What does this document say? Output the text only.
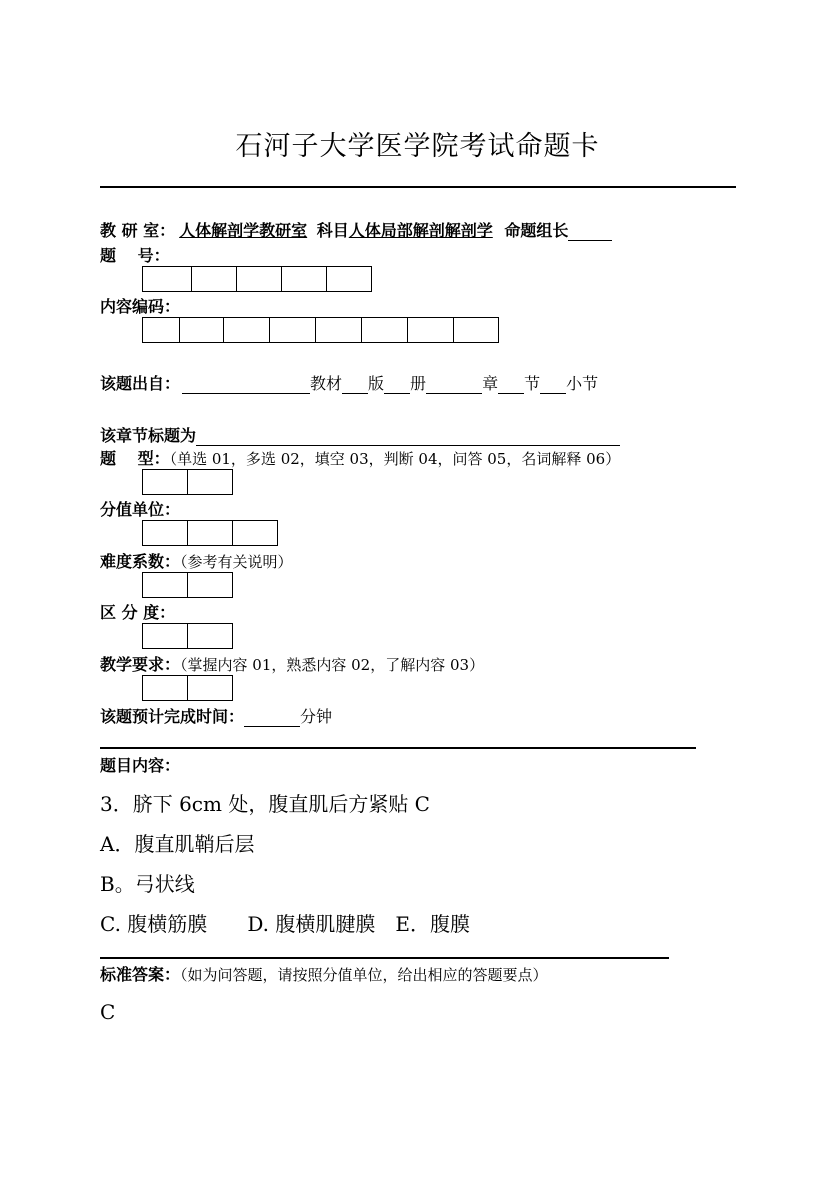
石河子大学医学院考试命题卡
教 研 室： 人体解剖学教研室 科目人体局部解剖解剖学 命题组长
题　 号：
内容编码：
该题出自：	教材 版 册	章 节 小节
该章节标题为
题　 型：（单选 01，多选 02，填空 03，判断 04，问答 05，名词解释 06）
分值单位：
难度系数：（参考有关说明）
区 分 度：
教学要求：（掌握内容 01，熟悉内容 02，了解内容 03）
该题预计完成时间：	分钟
题目内容：
3．脐下 6cm 处，腹直肌后方紧贴 C
A．腹直肌鞘后层
B。弓状线
C. 腹横筋膜 D. 腹横肌腱膜 E．腹膜
标准答案：（如为问答题，请按照分值单位，给出相应的答题要点）
C
